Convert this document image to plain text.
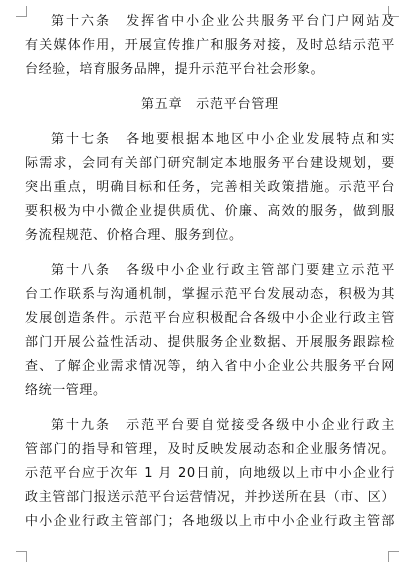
第十六条　发挥省中小企业公共服务平台门户网站及
有关媒体作用，开展宣传推广和服务对接，及时总结示范平
台经验，培育服务品牌，提升示范平台社会形象。
第五章　示范平台管理
第十七条　各地要根据本地区中小企业发展特点和实
际需求，会同有关部门研究制定本地服务平台建设规划，要
突出重点，明确目标和任务，完善相关政策措施。示范平台
要积极为中小微企业提供质优、价廉、高效的服务，做到服
务流程规范、价格合理、服务到位。
第十八条　各级中小企业行政主管部门要建立示范平
台工作联系与沟通机制，掌握示范平台发展动态，积极为其
发展创造条件。示范平台应积极配合各级中小企业行政主管
部门开展公益性活动、提供服务企业数据、开展服务跟踪检
查、了解企业需求情况等，纳入省中小企业公共服务平台网
络统一管理。
第十九条　示范平台要自觉接受各级中小企业行政主
管部门的指导和管理，及时反映发展动态和企业服务情况。
示范平台应于次年 1 月 20日前，向地级以上市中小企业行
政主管部门报送示范平台运营情况，并抄送所在县（市、区）
中小企业行政主管部门；各地级以上市中小企业行政主管部
